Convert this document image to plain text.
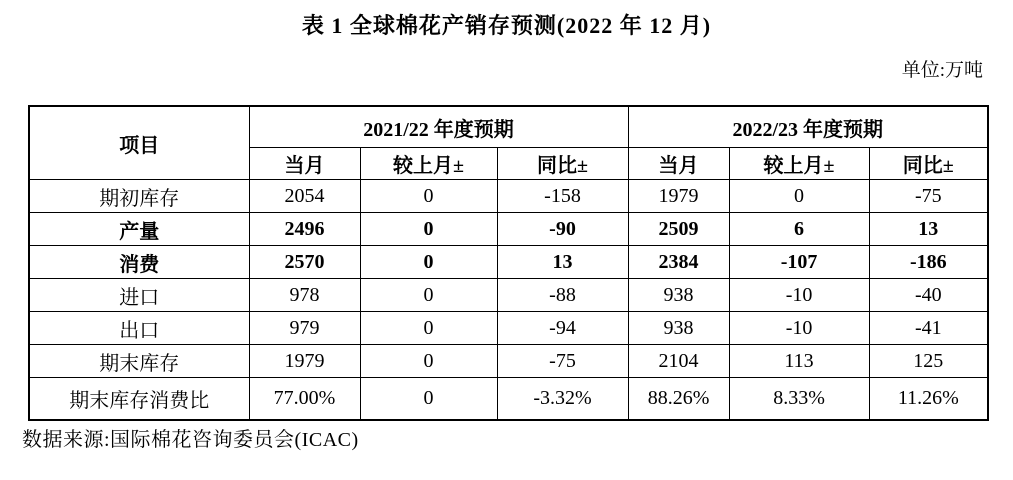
表 1 全球棉花产销存预测(2022 年 12 月)
单位:万吨
项目	2021/22 年度预期			2022/23 年度预期		
	当月	较上月±	同比±	当月	较上月±	同比±
期初库存	2054	0	-158	1979	0	-75
产量	2496	0	-90	2509	6	13
消费	2570	0	13	2384	-107	-186
进口	978	0	-88	938	-10	-40
出口	979	0	-94	938	-10	-41
期末库存	1979	0	-75	2104	113	125
期末库存消费比	77.00%	0	-3.32%	88.26%	8.33%	11.26%
数据来源:国际棉花咨询委员会(ICAC)
